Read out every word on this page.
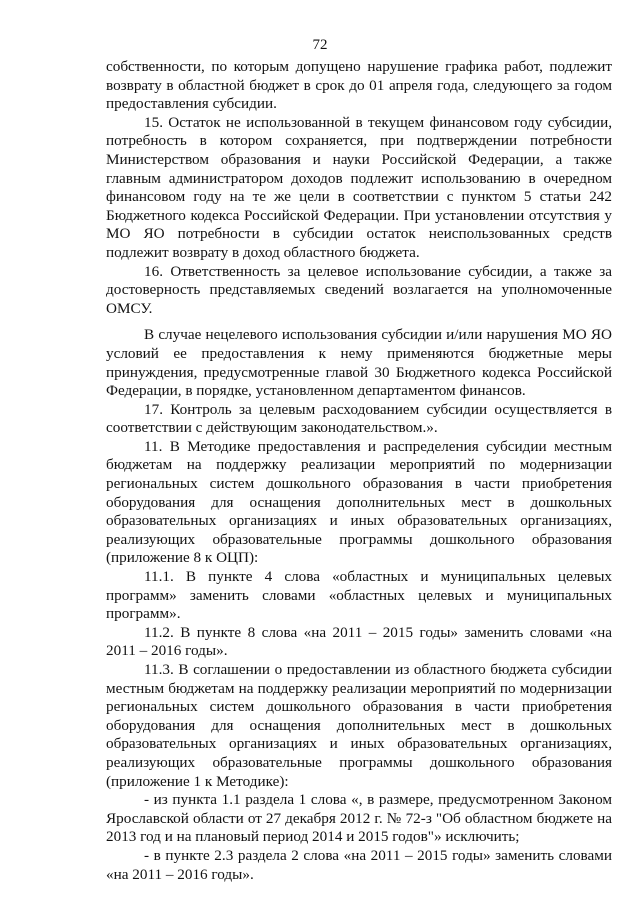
72

собственности, по которым допущено нарушение графика работ, подлежит возврату в областной бюджет в срок до 01 апреля года, следующего за годом предоставления субсидии.

15. Остаток не использованной в текущем финансовом году субсидии, потребность в котором сохраняется, при подтверждении потребности Министерством образования и науки Российской Федерации, а также главным администратором доходов подлежит использованию в очередном финансовом году на те же цели в соответствии с пунктом 5 статьи 242 Бюджетного кодекса Российской Федерации. При установлении отсутствия у МО ЯО потребности в субсидии остаток неиспользованных средств подлежит возврату в доход областного бюджета.

16. Ответственность за целевое использование субсидии, а также за достоверность представляемых сведений возлагается на уполномоченные ОМСУ.

В случае нецелевого использования субсидии и/или нарушения МО ЯО условий ее предоставления к нему применяются бюджетные меры принуждения, предусмотренные главой 30 Бюджетного кодекса Российской Федерации, в порядке, установленном департаментом финансов.

17. Контроль за целевым расходованием субсидии осуществляется в соответствии с действующим законодательством.».

11. В Методике предоставления и распределения субсидии местным бюджетам на поддержку реализации мероприятий по модернизации региональных систем дошкольного образования в части приобретения оборудования для оснащения дополнительных мест в дошкольных образовательных организациях и иных образовательных организациях, реализующих образовательные программы дошкольного образования (приложение 8 к ОЦП):

11.1. В пункте 4 слова «областных и муниципальных целевых программ» заменить словами «областных целевых и муниципальных программ».

11.2. В пункте 8 слова «на 2011 – 2015 годы» заменить словами «на 2011 – 2016 годы».

11.3. В соглашении о предоставлении из областного бюджета субсидии местным бюджетам на поддержку реализации мероприятий по модернизации региональных систем дошкольного образования в части приобретения оборудования для оснащения дополнительных мест в дошкольных образовательных организациях и иных образовательных организациях, реализующих образовательные программы дошкольного образования (приложение 1 к Методике):

- из пункта 1.1 раздела 1 слова «, в размере, предусмотренном Законом Ярославской области от 27 декабря 2012 г. № 72-з "Об областном бюджете на 2013 год и на плановый период 2014 и 2015 годов"» исключить;

- в пункте 2.3 раздела 2 слова «на 2011 – 2015 годы» заменить словами «на 2011 – 2016 годы».
